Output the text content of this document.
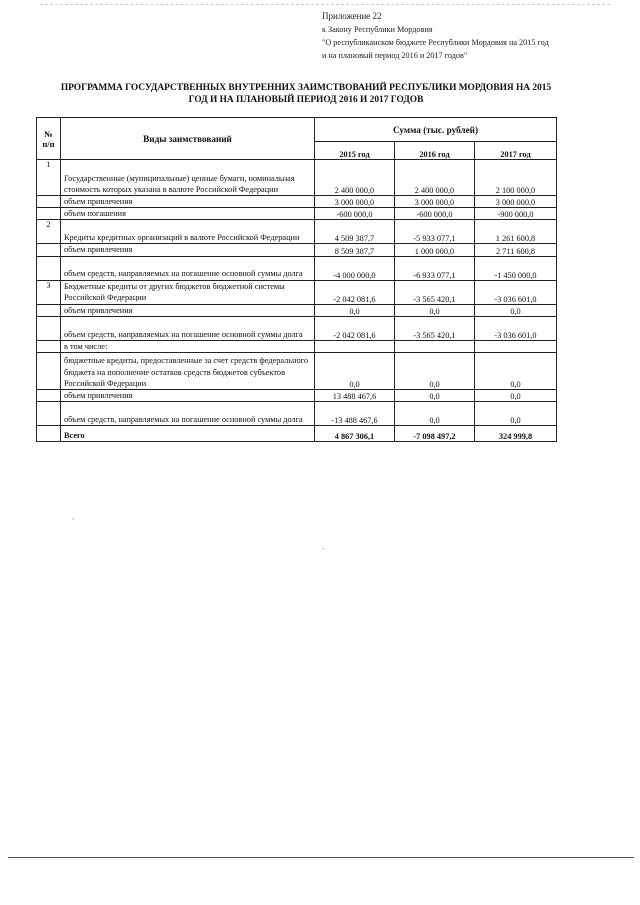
Приложение 22
к Закону Республики Мордовия
"О республиканском бюджете Республики Мордовия на 2015 год
и на плановый период 2016 и 2017 годов"
ПРОГРАММА ГОСУДАРСТВЕННЫХ ВНУТРЕННИХ ЗАИМСТВОВАНИЙ РЕСПУБЛИКИ МОРДОВИЯ НА 2015
ГОД И НА ПЛАНОВЫЙ ПЕРИОД 2016 И 2017 ГОДОВ
№ п/п	Виды заимствований	Сумма (тыс. рублей)		
		2015 год	2016 год	2017 год
1	Государственные (муниципальные) ценные бумаги, номинальная стоимость которых указана в валюте Российской Федерации	2 400 000,0	2 400 000,0	2 100 000,0
	объем привлечения	3 000 000,0	3 000 000,0	3 000 000,0
	объем погашения	-600 000,0	-600 000,0	-900 000,0
2	Кредиты кредитных организаций в валюте Российской Федерации	4 509 387,7	-5 933 077,1	1 261 600,8
	объем привлечения	8 509 387,7	1 000 000,0	2 711 600,8
	объем средств, направляемых на погашение основной суммы долга	-4 000 000,0	-6 933 077,1	-1 450 000,0
3	Бюджетные кредиты от других бюджетов бюджетной системы Российской Федерации	-2 042 081,6	-3 565 420,1	-3 036 601,0
	объем привлечения	0,0	0,0	0,0
	объем средств, направляемых на погашение основной суммы долга	-2 042 081,6	-3 565 420,1	-3 036 601,0
	в том числе:			
	бюджетные кредиты, предоставленные за счет средств федерального бюджета на пополнение остатков средств бюджетов субъектов Российской Федерации	0,0	0,0	0,0
	объем привлечения	13 488 467,6	0,0	0,0
	объем средств, направляемых на погашение основной суммы долга	-13 488 467,6	0,0	0,0
	Всего	4 867 306,1	-7 098 497,2	324 999,8
